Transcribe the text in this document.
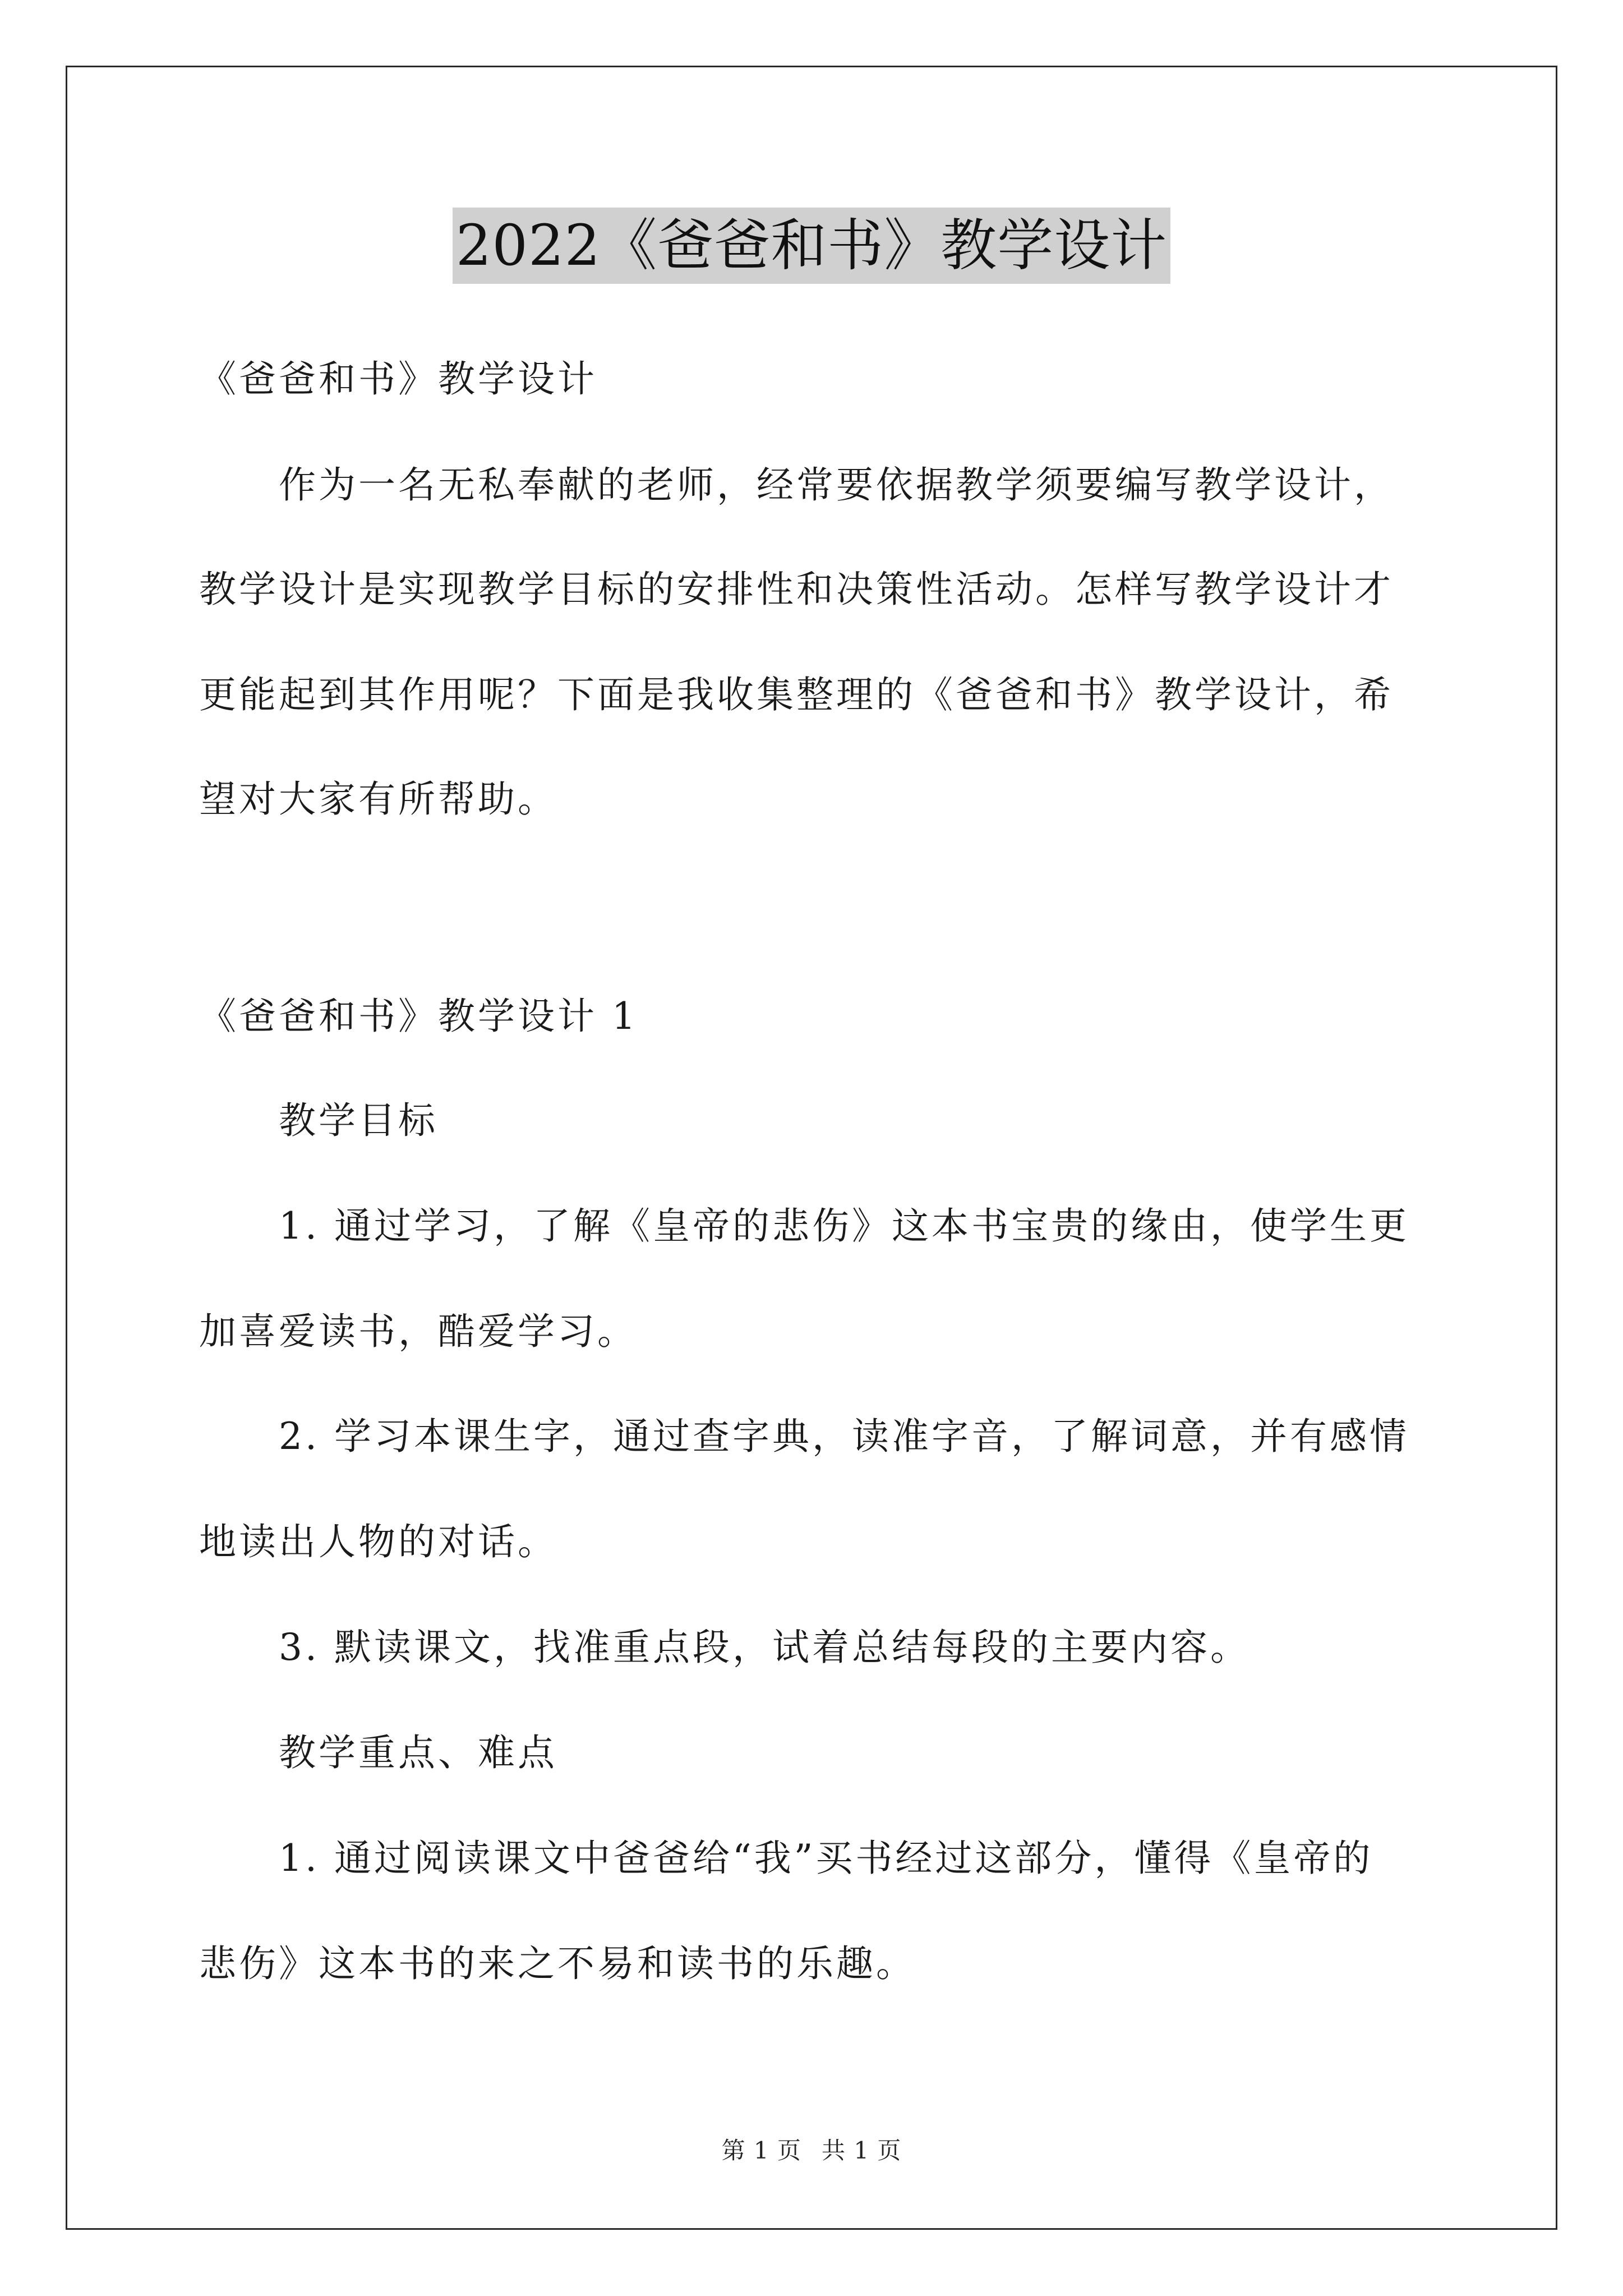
2022《爸爸和书》教学设计
《爸爸和书》教学设计
作为一名无私奉献的老师，经常要依据教学须要编写教学设计，
教学设计是实现教学目标的安排性和决策性活动。怎样写教学设计才
更能起到其作用呢？下面是我收集整理的《爸爸和书》教学设计，希
望对大家有所帮助。
《爸爸和书》教学设计 1
教学目标
1. 通过学习，了解《皇帝的悲伤》这本书宝贵的缘由，使学生更
加喜爱读书，酷爱学习。
2. 学习本课生字，通过查字典，读准字音，了解词意，并有感情
地读出人物的对话。
3. 默读课文，找准重点段，试着总结每段的主要内容。
教学重点、难点
1. 通过阅读课文中爸爸给“我”买书经过这部分，懂得《皇帝的
悲伤》这本书的来之不易和读书的乐趣。
第 1 页 共 1 页
